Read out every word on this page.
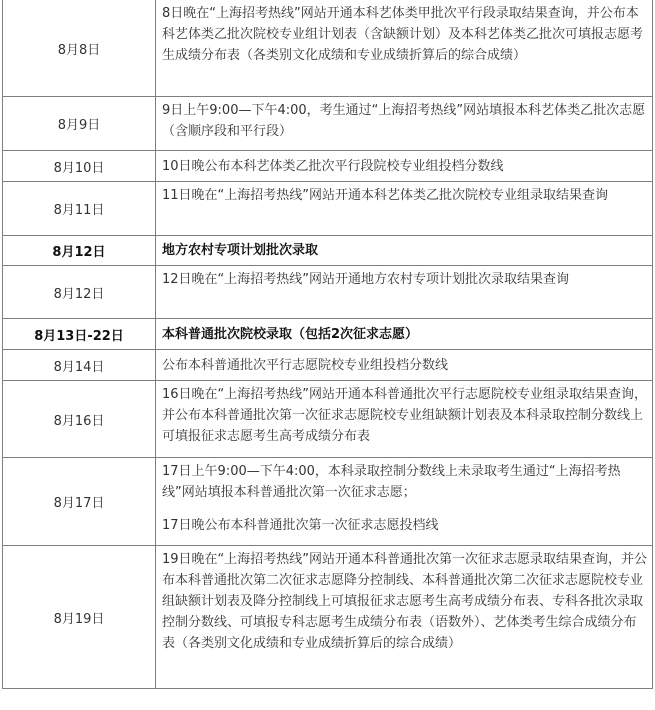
8月8日	8日晚在“上海招考热线”网站开通本科艺体类甲批次平行段录取结果查询，并公布本科艺体类乙批次院校专业组计划表（含缺额计划）及本科艺体类乙批次可填报志愿考生成绩分布表（各类别文化成绩和专业成绩折算后的综合成绩）

8月9日	9日上午9:00—下午4:00，考生通过“上海招考热线”网站填报本科艺体类乙批次志愿（含顺序段和平行段）

8月10日	10日晚公布本科艺体类乙批次平行段院校专业组投档分数线

8月11日	11日晚在“上海招考热线”网站开通本科艺体类乙批次院校专业组录取结果查询

8月12日	地方农村专项计划批次录取

8月12日	12日晚在“上海招考热线”网站开通地方农村专项计划批次录取结果查询

8月13日-22日	本科普通批次院校录取（包括2次征求志愿）

8月14日	公布本科普通批次平行志愿院校专业组投档分数线

8月16日	16日晚在“上海招考热线”网站开通本科普通批次平行志愿院校专业组录取结果查询，并公布本科普通批次第一次征求志愿院校专业组缺额计划表及本科录取控制分数线上可填报征求志愿考生高考成绩分布表

8月17日	17日上午9:00—下午4:00，本科录取控制分数线上未录取考生通过“上海招考热线”网站填报本科普通批次第一次征求志愿；
17日晚公布本科普通批次第一次征求志愿投档线

8月19日	19日晚在“上海招考热线”网站开通本科普通批次第一次征求志愿录取结果查询，并公布本科普通批次第二次征求志愿降分控制线、本科普通批次第二次征求志愿院校专业组缺额计划表及降分控制线上可填报征求志愿考生高考成绩分布表、专科各批次录取控制分数线、可填报专科志愿考生成绩分布表（语数外）、艺体类考生综合成绩分布表（各类别文化成绩和专业成绩折算后的综合成绩）
